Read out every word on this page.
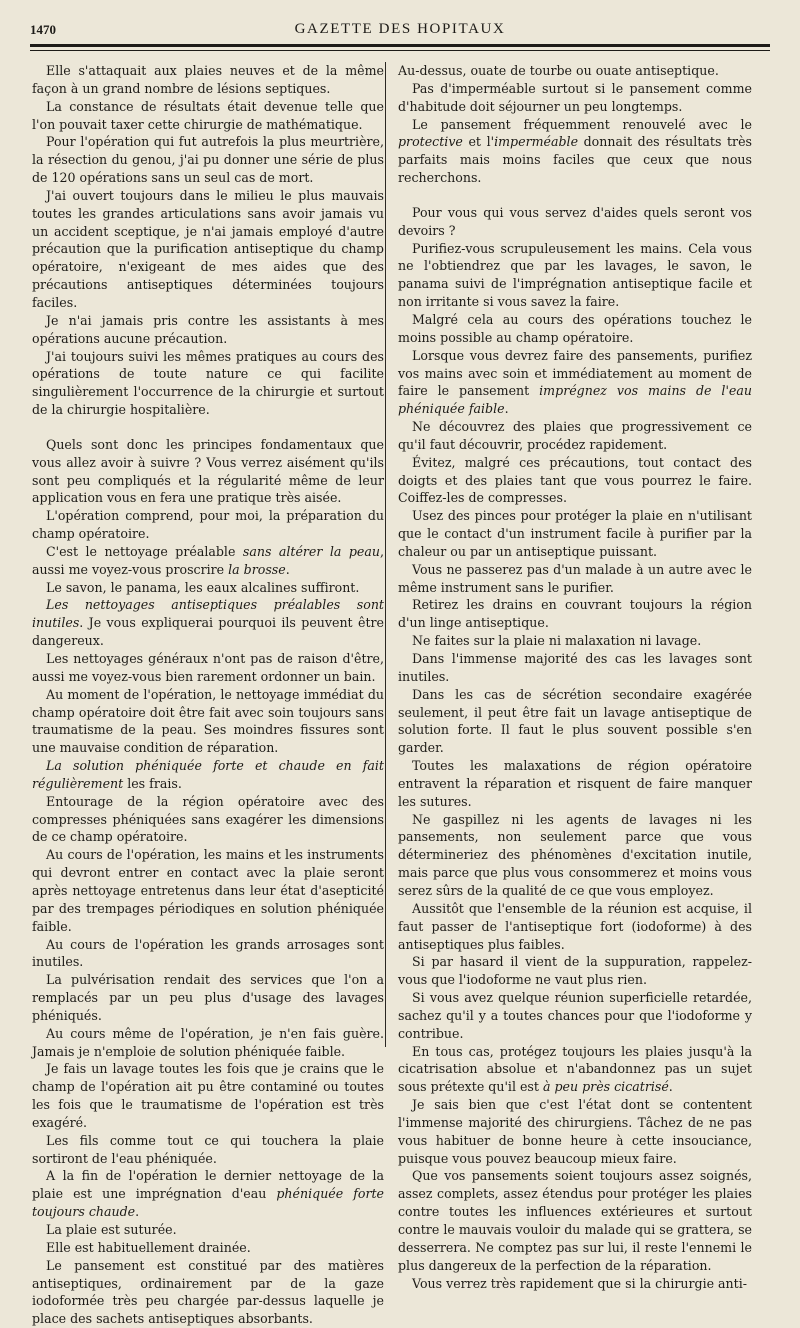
1470	GAZETTE DES HOPITAUX

Elle s'attaquait aux plaies neuves et de la même façon à un grand nombre de lésions septiques.

La constance de résultats était devenue telle que l'on pouvait taxer cette chirurgie de mathématique.

Pour l'opération qui fut autrefois la plus meurtrière, la résection du genou, j'ai pu donner une série de plus de 120 opérations sans un seul cas de mort.

J'ai ouvert toujours dans le milieu le plus mauvais toutes les grandes articulations sans avoir jamais vu un accident sceptique, je n'ai jamais employé d'autre précaution que la purification antiseptique du champ opératoire, n'exigeant de mes aides que des précautions antiseptiques déterminées toujours faciles.

Je n'ai jamais pris contre les assistants à mes opérations aucune précaution.

J'ai toujours suivi les mêmes pratiques au cours des opérations de toute nature ce qui facilite singulièrement l'occurrence de la chirurgie et surtout de la chirurgie hospitalière.

Quels sont donc les principes fondamentaux que vous allez avoir à suivre ? Vous verrez aisément qu'ils sont peu compliqués et la régularité même de leur application vous en fera une pratique très aisée.

L'opération comprend, pour moi, la préparation du champ opératoire.

C'est le nettoyage préalable sans altérer la peau, aussi me voyez-vous proscrire la brosse.

Le savon, le panama, les eaux alcalines suffiront.

Les nettoyages antiseptiques préalables sont inutiles. Je vous expliquerai pourquoi ils peuvent être dangereux.

Les nettoyages généraux n'ont pas de raison d'être, aussi me voyez-vous bien rarement ordonner un bain.

Au moment de l'opération, le nettoyage immédiat du champ opératoire doit être fait avec soin toujours sans traumatisme de la peau. Ses moindres fissures sont une mauvaise condition de réparation.

La solution phéniquée forte et chaude en fait régulièrement les frais.

Entourage de la région opératoire avec des compresses phéniquées sans exagérer les dimensions de ce champ opératoire.

Au cours de l'opération, les mains et les instruments qui devront entrer en contact avec la plaie seront après nettoyage entretenus dans leur état d'asepticité par des trempages périodiques en solution phéniquée faible.

Au cours de l'opération les grands arrosages sont inutiles.

La pulvérisation rendait des services que l'on a remplacés par un peu plus d'usage des lavages phéniqués.

Au cours même de l'opération, je n'en fais guère. Jamais je n'emploie de solution phéniquée faible.

Je fais un lavage toutes les fois que je crains que le champ de l'opération ait pu être contaminé ou toutes les fois que le traumatisme de l'opération est très exagéré.

Les fils comme tout ce qui touchera la plaie sortiront de l'eau phéniquée.

A la fin de l'opération le dernier nettoyage de la plaie est une imprégnation d'eau phéniquée forte toujours chaude.

La plaie est suturée.

Elle est habituellement drainée.

Le pansement est constitué par des matières antiseptiques, ordinairement par de la gaze iodoformée très peu chargée par-dessus laquelle je place des sachets antiseptiques absorbants.

Au-dessus, ouate de tourbe ou ouate antiseptique.

Pas d'imperméable surtout si le pansement comme d'habitude doit séjourner un peu longtemps.

Le pansement fréquemment renouvelé avec le protective et l'imperméable donnait des résultats très parfaits mais moins faciles que ceux que nous recherchons.

Pour vous qui vous servez d'aides quels seront vos devoirs ?

Purifiez-vous scrupuleusement les mains. Cela vous ne l'obtiendrez que par les lavages, le savon, le panama suivi de l'imprégnation antiseptique facile et non irritante si vous savez la faire.

Malgré cela au cours des opérations touchez le moins possible au champ opératoire.

Lorsque vous devrez faire des pansements, purifiez vos mains avec soin et immédiatement au moment de faire le pansement imprégnez vos mains de l'eau phéniquée faible.

Ne découvrez des plaies que progressivement ce qu'il faut découvrir, procédez rapidement.

Évitez, malgré ces précautions, tout contact des doigts et des plaies tant que vous pourrez le faire. Coiffez-les de compresses.

Usez des pinces pour protéger la plaie en n'utilisant que le contact d'un instrument facile à purifier par la chaleur ou par un antiseptique puissant.

Vous ne passerez pas d'un malade à un autre avec le même instrument sans le purifier.

Retirez les drains en couvrant toujours la région d'un linge antiseptique.

Ne faites sur la plaie ni malaxation ni lavage.

Dans l'immense majorité des cas les lavages sont inutiles.

Dans les cas de sécrétion secondaire exagérée seulement, il peut être fait un lavage antiseptique de solution forte. Il faut le plus souvent possible s'en garder.

Toutes les malaxations de région opératoire entravent la réparation et risquent de faire manquer les sutures.

Ne gaspillez ni les agents de lavages ni les pansements, non seulement parce que vous détermineriez des phénomènes d'excitation inutile, mais parce que plus vous consommerez et moins vous serez sûrs de la qualité de ce que vous employez.

Aussitôt que l'ensemble de la réunion est acquise, il faut passer de l'antiseptique fort (iodoforme) à des antiseptiques plus faibles.

Si par hasard il vient de la suppuration, rappelez-vous que l'iodoforme ne vaut plus rien.

Si vous avez quelque réunion superficielle retardée, sachez qu'il y a toutes chances pour que l'iodoforme y contribue.

En tous cas, protégez toujours les plaies jusqu'à la cicatrisation absolue et n'abandonnez pas un sujet sous prétexte qu'il est à peu près cicatrisé.

Je sais bien que c'est l'état dont se contentent l'immense majorité des chirurgiens. Tâchez de ne pas vous habituer de bonne heure à cette insouciance, puisque vous pouvez beaucoup mieux faire.

Que vos pansements soient toujours assez soignés, assez complets, assez étendus pour protéger les plaies contre toutes les influences extérieures et surtout contre le mauvais vouloir du malade qui se grattera, se desserrera. Ne comptez pas sur lui, il reste l'ennemi le plus dangereux de la perfection de la réparation.

Vous verrez très rapidement que si la chirurgie anti-
